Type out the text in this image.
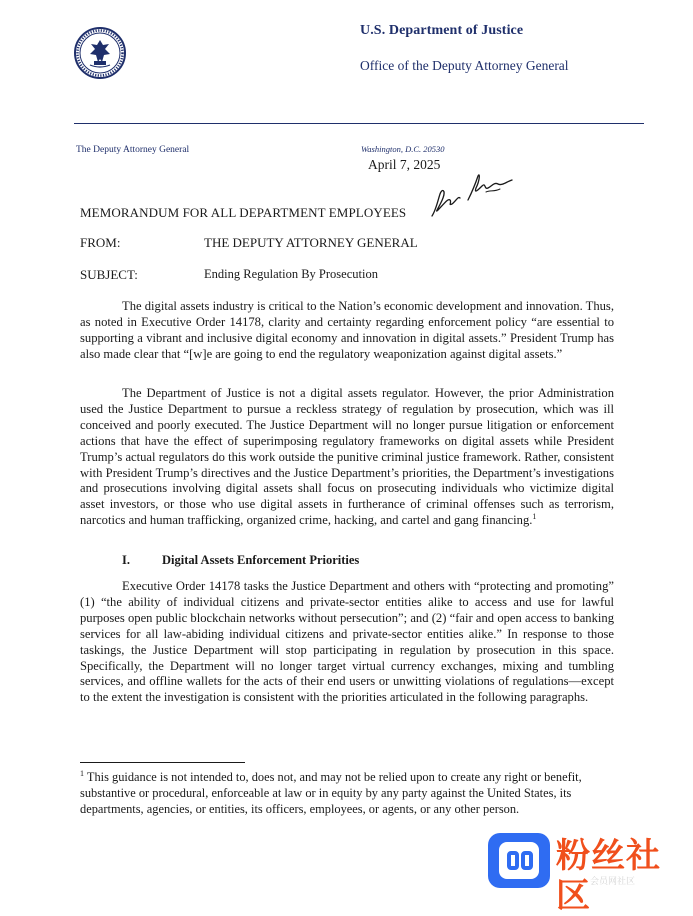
U.S. Department of Justice
Office of the Deputy Attorney General
The Deputy Attorney General	Washington, D.C. 20530
April 7, 2025
MEMORANDUM FOR ALL DEPARTMENT EMPLOYEES
FROM:	THE DEPUTY ATTORNEY GENERAL
SUBJECT:	Ending Regulation By Prosecution

The digital assets industry is critical to the Nation’s economic development and innovation. Thus, as noted in Executive Order 14178, clarity and certainty regarding enforcement policy “are essential to supporting a vibrant and inclusive digital economy and innovation in digital assets.” President Trump has also made clear that “[w]e are going to end the regulatory weaponization against digital assets.”

The Department of Justice is not a digital assets regulator. However, the prior Administration used the Justice Department to pursue a reckless strategy of regulation by prosecution, which was ill conceived and poorly executed. The Justice Department will no longer pursue litigation or enforcement actions that have the effect of superimposing regulatory frameworks on digital assets while President Trump’s actual regulators do this work outside the punitive criminal justice framework. Rather, consistent with President Trump’s directives and the Justice Department’s priorities, the Department’s investigations and prosecutions involving digital assets shall focus on prosecuting individuals who victimize digital asset investors, or those who use digital assets in furtherance of criminal offenses such as terrorism, narcotics and human trafficking, organized crime, hacking, and cartel and gang financing.$^1$

I.	Digital Assets Enforcement Priorities

Executive Order 14178 tasks the Justice Department and others with “protecting and promoting” (1) “the ability of individual citizens and private-sector entities alike to access and use for lawful purposes open public blockchain networks without persecution”; and (2) “fair and open access to banking services for all law-abiding individual citizens and private-sector entities alike.” In response to those taskings, the Justice Department will stop participating in regulation by prosecution in this space. Specifically, the Department will no longer target virtual currency exchanges, mixing and tumbling services, and offline wallets for the acts of their end users or unwitting violations of regulations—except to the extent the investigation is consistent with the priorities articulated in the following paragraphs.

$^1$ This guidance is not intended to, does not, and may not be relied upon to create any right or benefit, substantive or procedural, enforceable at law or in equity by any party against the United States, its departments, agencies, or entities, its officers, employees, or agents, or any other person.

粉丝社区 会员网社区
